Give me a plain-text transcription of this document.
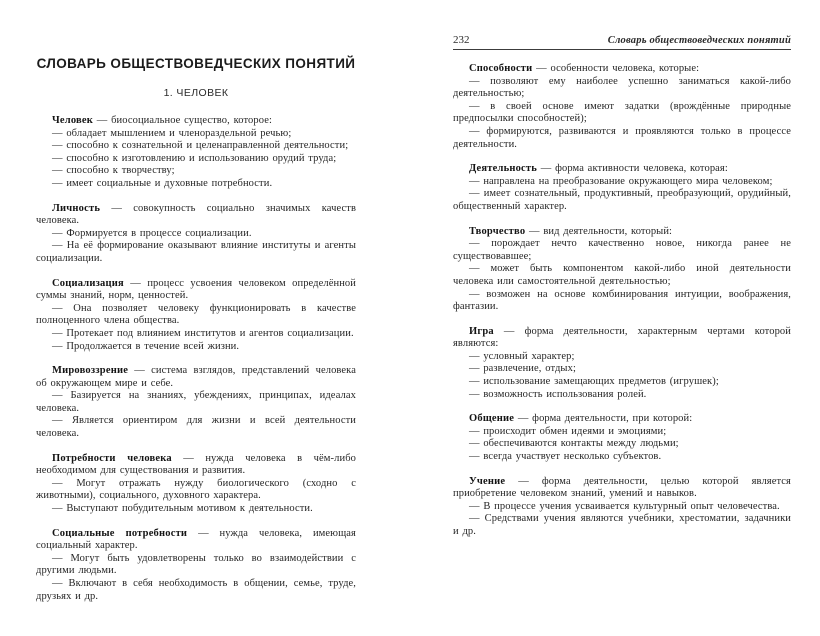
СЛОВАРЬ ОБЩЕСТВОВЕДЧЕСКИХ ПОНЯТИЙ
1. ЧЕЛОВЕК

Человек — биосоциальное существо, которое:

— обладает мышлением и членораздельной речью;

— способно к сознательной и целенаправленной деятельности;

— способно к изготовлению и использованию орудий труда;

— способно к творчеству;

— имеет социальные и духовные потребности.

Личность — совокупность социально значимых качеств человека.

— Формируется в процессе социализации.

— На её формирование оказывают влияние институты и агенты социализации.

Социализация — процесс усвоения человеком определённой суммы знаний, норм, ценностей.

— Она позволяет человеку функционировать в качестве полноценного члена общества.

— Протекает под влиянием институтов и агентов социализации.

— Продолжается в течение всей жизни.

Мировоззрение — система взглядов, представлений человека об окружающем мире и себе.

— Базируется на знаниях, убеждениях, принципах, идеалах человека.

— Является ориентиром для жизни и всей деятельности человека.

Потребности человека — нужда человека в чём-либо необходимом для существования и развития.

— Могут отражать нужду биологического (сходно с животными), социального, духовного характера.

— Выступают побудительным мотивом к деятельности.

Социальные потребности — нужда человека, имеющая социальный характер.

— Могут быть удовлетворены только во взаимодействии с другими людьми.

— Включают в себя необходимость в общении, семье, труде, друзьях и др.

232	Словарь обществоведческих понятий

Способности — особенности человека, которые:

— позволяют ему наиболее успешно заниматься какой-либо деятельностью;

— в своей основе имеют задатки (врождённые природные предпосылки способностей);

— формируются, развиваются и проявляются только в процессе деятельности.

Деятельность — форма активности человека, которая:

— направлена на преобразование окружающего мира человеком;

— имеет сознательный, продуктивный, преобразующий, орудийный, общественный характер.

Творчество — вид деятельности, который:

— порождает нечто качественно новое, никогда ранее не существовавшее;

— может быть компонентом какой-либо иной деятельности человека или самостоятельной деятельностью;

— возможен на основе комбинирования интуиции, воображения, фантазии.

Игра — форма деятельности, характерным чертами которой являются:

— условный характер;

— развлечение, отдых;

— использование замещающих предметов (игрушек);

— возможность использования ролей.

Общение — форма деятельности, при которой:

— происходит обмен идеями и эмоциями;

— обеспечиваются контакты между людьми;

— всегда участвует несколько субъектов.

Учение — форма деятельности, целью которой является приобретение человеком знаний, умений и навыков.

— В процессе учения усваивается культурный опыт человечества.

— Средствами учения являются учебники, хрестоматии, задачники и др.
